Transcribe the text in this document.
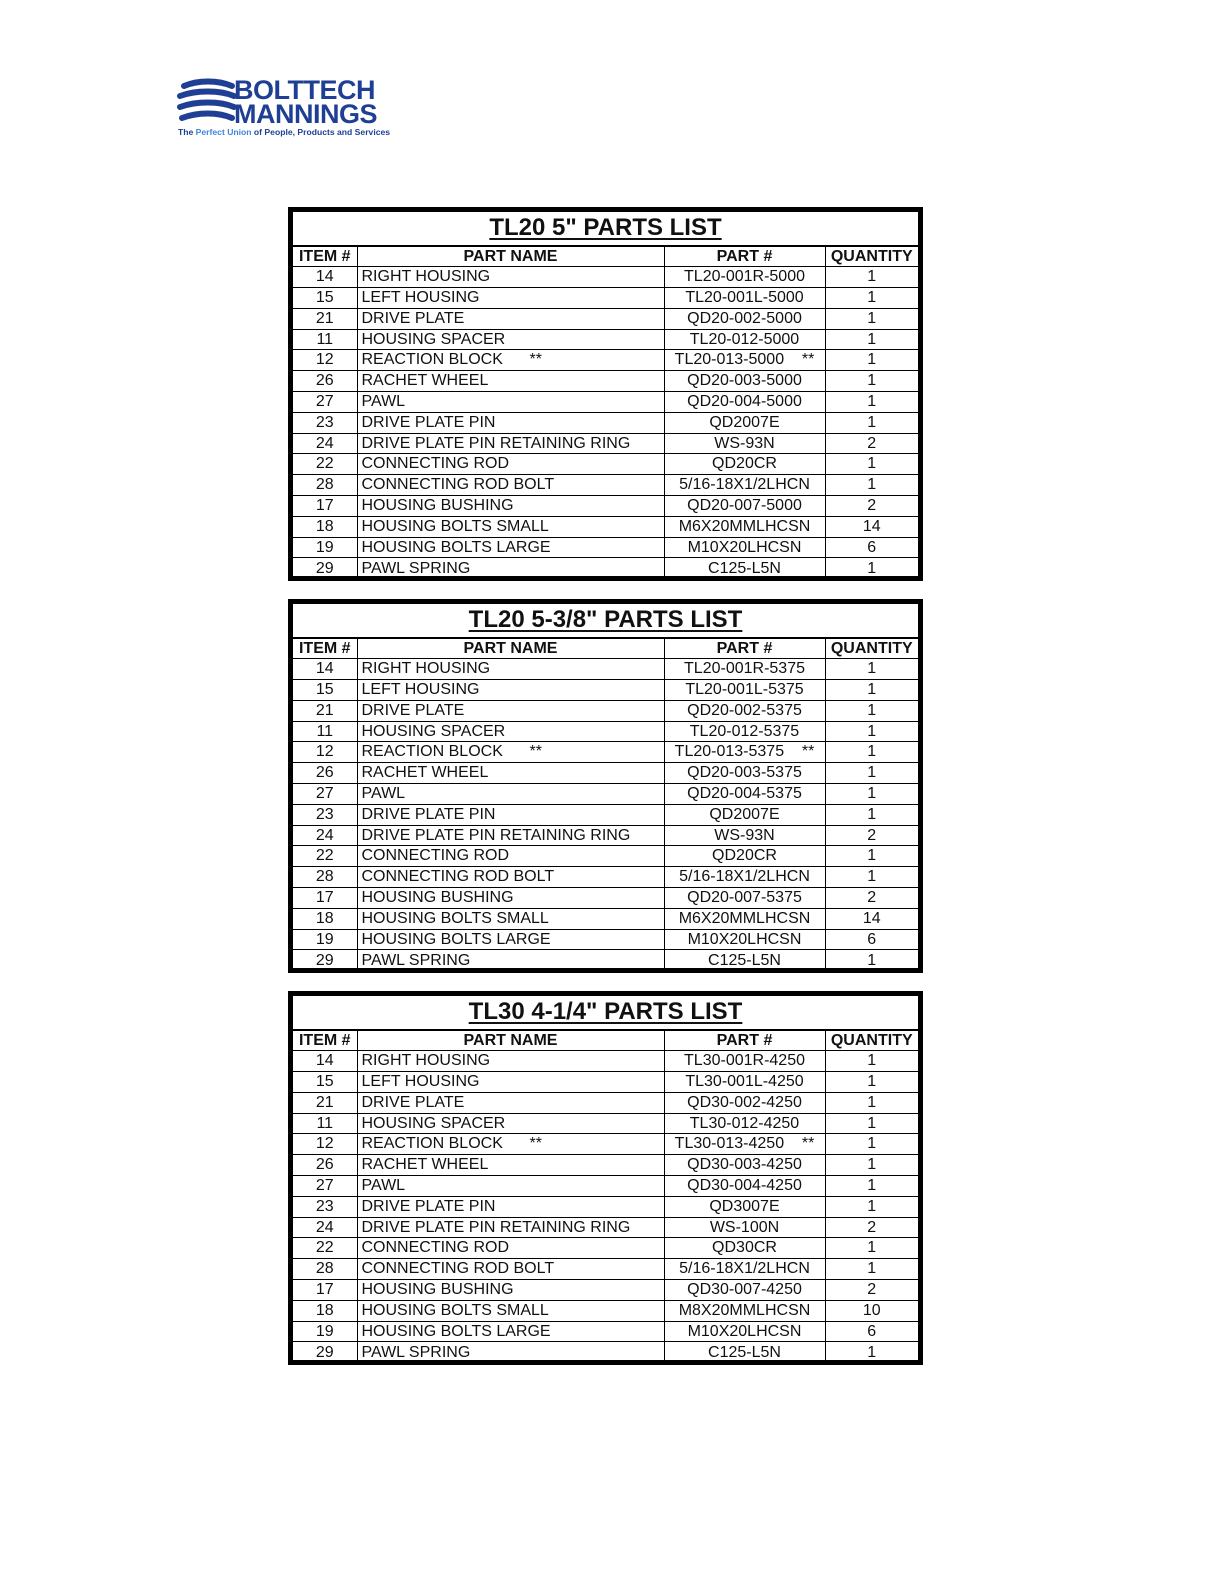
BOLTTECH
MANNINGS
The Perfect Union of People, Products and Services
TL20 5" PARTS LIST
ITEM #	PART NAME	PART #	QUANTITY
14	RIGHT HOUSING	TL20-001R-5000	1
15	LEFT HOUSING	TL20-001L-5000	1
21	DRIVE PLATE	QD20-002-5000	1
11	HOUSING SPACER	TL20-012-5000	1
12	REACTION BLOCK      **	TL20-013-5000    **	1
26	RACHET WHEEL	QD20-003-5000	1
27	PAWL	QD20-004-5000	1
23	DRIVE PLATE PIN	QD2007E	1
24	DRIVE PLATE PIN RETAINING RING	WS-93N	2
22	CONNECTING ROD	QD20CR	1
28	CONNECTING ROD BOLT	5/16-18X1/2LHCN	1
17	HOUSING BUSHING	QD20-007-5000	2
18	HOUSING BOLTS SMALL	M6X20MMLHCSN	14
19	HOUSING BOLTS LARGE	M10X20LHCSN	6
29	PAWL SPRING	C125-L5N	1
TL20 5-3/8" PARTS LIST
ITEM #	PART NAME	PART #	QUANTITY
14	RIGHT HOUSING	TL20-001R-5375	1
15	LEFT HOUSING	TL20-001L-5375	1
21	DRIVE PLATE	QD20-002-5375	1
11	HOUSING SPACER	TL20-012-5375	1
12	REACTION BLOCK      **	TL20-013-5375    **	1
26	RACHET WHEEL	QD20-003-5375	1
27	PAWL	QD20-004-5375	1
23	DRIVE PLATE PIN	QD2007E	1
24	DRIVE PLATE PIN RETAINING RING	WS-93N	2
22	CONNECTING ROD	QD20CR	1
28	CONNECTING ROD BOLT	5/16-18X1/2LHCN	1
17	HOUSING BUSHING	QD20-007-5375	2
18	HOUSING BOLTS SMALL	M6X20MMLHCSN	14
19	HOUSING BOLTS LARGE	M10X20LHCSN	6
29	PAWL SPRING	C125-L5N	1
TL30 4-1/4" PARTS LIST
ITEM #	PART NAME	PART #	QUANTITY
14	RIGHT HOUSING	TL30-001R-4250	1
15	LEFT HOUSING	TL30-001L-4250	1
21	DRIVE PLATE	QD30-002-4250	1
11	HOUSING SPACER	TL30-012-4250	1
12	REACTION BLOCK      **	TL30-013-4250    **	1
26	RACHET WHEEL	QD30-003-4250	1
27	PAWL	QD30-004-4250	1
23	DRIVE PLATE PIN	QD3007E	1
24	DRIVE PLATE PIN RETAINING RING	WS-100N	2
22	CONNECTING ROD	QD30CR	1
28	CONNECTING ROD BOLT	5/16-18X1/2LHCN	1
17	HOUSING BUSHING	QD30-007-4250	2
18	HOUSING BOLTS SMALL	M8X20MMLHCSN	10
19	HOUSING BOLTS LARGE	M10X20LHCSN	6
29	PAWL SPRING	C125-L5N	1
